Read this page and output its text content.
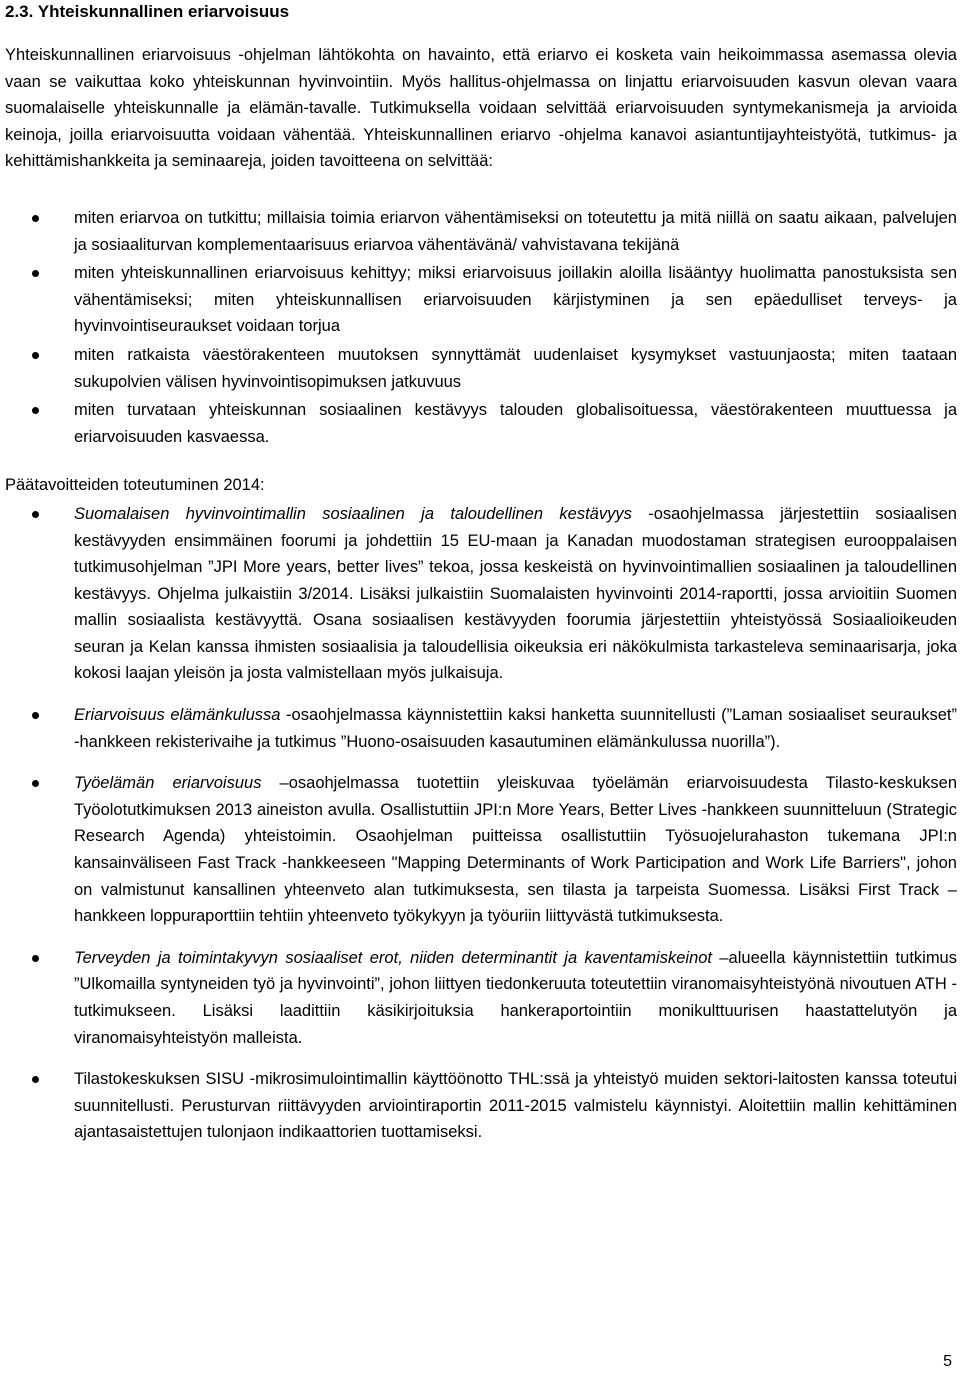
2.3. Yhteiskunnallinen eriarvoisuus

Yhteiskunnallinen eriarvoisuus -ohjelman lähtökohta on havainto, että eriarvo ei kosketa vain heikoimmassa asemassa olevia vaan se vaikuttaa koko yhteiskunnan hyvinvointiin. Myös hallitus-ohjelmassa on linjattu eriarvoisuuden kasvun olevan vaara suomalaiselle yhteiskunnalle ja elämän-tavalle. Tutkimuksella voidaan selvittää eriarvoisuuden syntymekanismeja ja arvioida keinoja, joilla eriarvoisuutta voidaan vähentää. Yhteiskunnallinen eriarvo -ohjelma kanavoi asiantuntijayhteistyötä, tutkimus- ja kehittämishankkeita ja seminaareja, joiden tavoitteena on selvittää:

miten eriarvoa on tutkittu; millaisia toimia eriarvon vähentämiseksi on toteutettu ja mitä niillä on saatu aikaan, palvelujen ja sosiaaliturvan komplementaarisuus eriarvoa vähentävänä/ vahvistavana tekijänä
miten yhteiskunnallinen eriarvoisuus kehittyy; miksi eriarvoisuus joillakin aloilla lisääntyy huolimatta panostuksista sen vähentämiseksi; miten yhteiskunnallisen eriarvoisuuden kärjistyminen ja sen epäedulliset terveys- ja hyvinvointiseuraukset voidaan torjua
miten ratkaista väestörakenteen muutoksen synnyttämät uudenlaiset kysymykset vastuunjaosta; miten taataan sukupolvien välisen hyvinvointisopimuksen jatkuvuus
miten turvataan yhteiskunnan sosiaalinen kestävyys talouden globalisoituessa, väestörakenteen muuttuessa ja eriarvoisuuden kasvaessa.

Päätavoitteiden toteutuminen 2014:

Suomalaisen hyvinvointimallin sosiaalinen ja taloudellinen kestävyys -osaohjelmassa järjestettiin sosiaalisen kestävyyden ensimmäinen foorumi ja johdettiin 15 EU-maan ja Kanadan muodostaman strategisen eurooppalaisen tutkimusohjelman ”JPI More years, better lives” tekoa, jossa keskeistä on hyvinvointimallien sosiaalinen ja taloudellinen kestävyys. Ohjelma julkaistiin 3/2014. Lisäksi julkaistiin Suomalaisten hyvinvointi 2014-raportti, jossa arvioitiin Suomen mallin sosiaalista kestävyyttä. Osana sosiaalisen kestävyyden foorumia järjestettiin yhteistyössä Sosiaalioikeuden seuran ja Kelan kanssa ihmisten sosiaalisia ja taloudellisia oikeuksia eri näkökulmista tarkasteleva seminaarisarja, joka kokosi laajan yleisön ja josta valmistellaan myös julkaisuja.
Eriarvoisuus elämänkulussa -osaohjelmassa käynnistettiin kaksi hanketta suunnitellusti (”Laman sosiaaliset seuraukset” -hankkeen rekisterivaihe ja tutkimus ”Huono-osaisuuden kasautuminen elämänkulussa nuorilla”).
Työelämän eriarvoisuus –osaohjelmassa tuotettiin yleiskuvaa työelämän eriarvoisuudesta Tilasto-keskuksen Työolotutkimuksen 2013 aineiston avulla. Osallistuttiin JPI:n More Years, Better Lives -hankkeen suunnitteluun (Strategic Research Agenda) yhteistoimin. Osaohjelman puitteissa osallistuttiin Työsuojelurahaston tukemana JPI:n kansainväliseen Fast Track -hankkeeseen "Mapping Determinants of Work Participation and Work Life Barriers", johon on valmistunut kansallinen yhteenveto alan tutkimuksesta, sen tilasta ja tarpeista Suomessa. Lisäksi First Track –hankkeen loppuraporttiin tehtiin yhteenveto työkykyyn ja työuriin liittyvästä tutkimuksesta.
Terveyden ja toimintakyvyn sosiaaliset erot, niiden determinantit ja kaventamiskeinot –alueella käynnistettiin tutkimus ”Ulkomailla syntyneiden työ ja hyvinvointi”, johon liittyen tiedonkeruuta toteutettiin viranomaisyhteistyönä nivoutuen ATH -tutkimukseen. Lisäksi laadittiin käsikirjoituksia hankeraportointiin monikulttuurisen haastattelutyön ja viranomaisyhteistyön malleista.
Tilastokeskuksen SISU -mikrosimulointimallin käyttöönotto THL:ssä ja yhteistyö muiden sektori-laitosten kanssa toteutui suunnitellusti. Perusturvan riittävyyden arviointiraportin 2011-2015 valmistelu käynnistyi. Aloitettiin mallin kehittäminen ajantasaistettujen tulonjaon indikaattorien tuottamiseksi.
5
